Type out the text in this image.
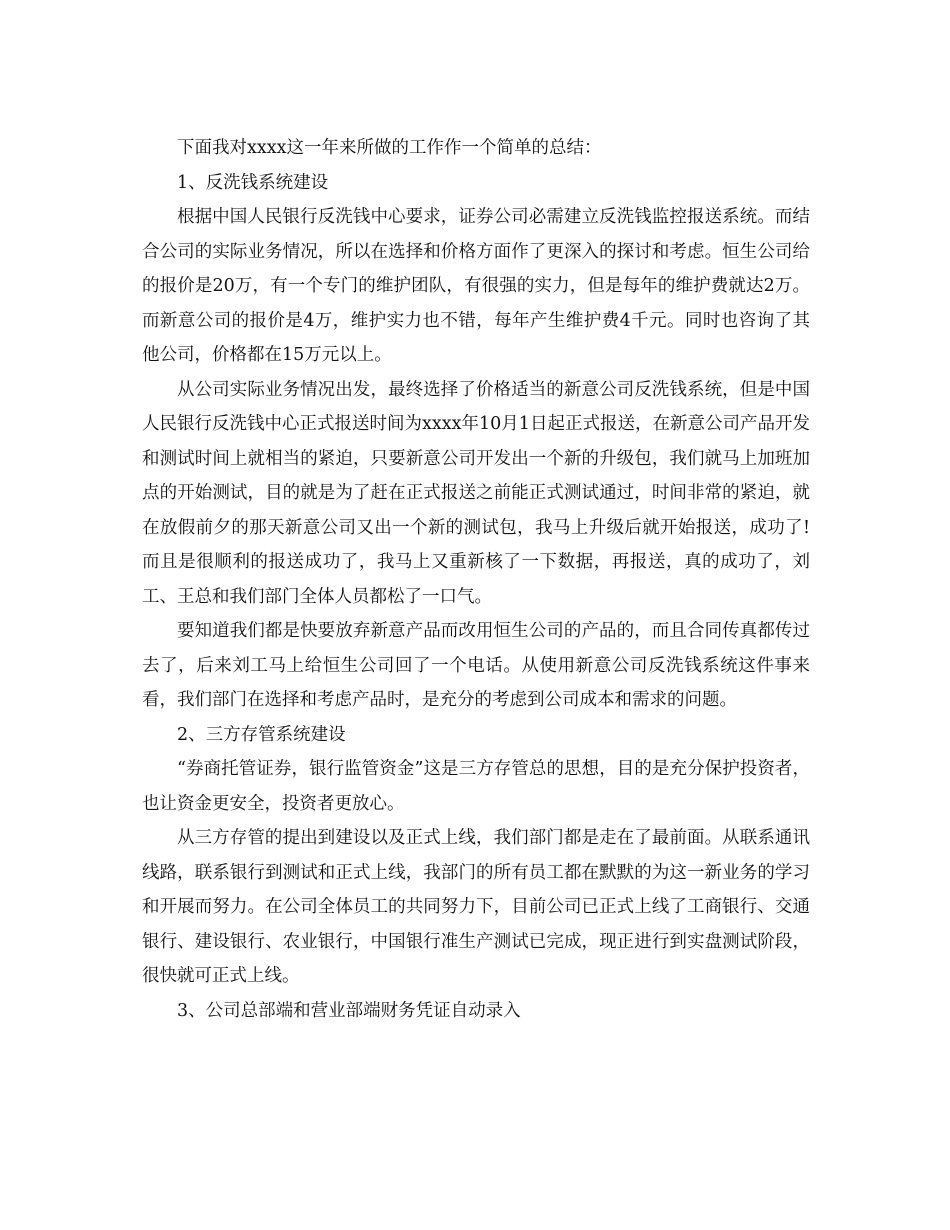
下面我对xxxx这一年来所做的工作作一个简单的总结：

1、反洗钱系统建设

根据中国人民银行反洗钱中心要求，证券公司必需建立反洗钱监控报送系统。而结合公司的实际业务情况，所以在选择和价格方面作了更深入的探讨和考虑。恒生公司给的报价是20万，有一个专门的维护团队，有很强的实力，但是每年的维护费就达2万。而新意公司的报价是4万，维护实力也不错，每年产生维护费4千元。同时也咨询了其他公司，价格都在15万元以上。

从公司实际业务情况出发，最终选择了价格适当的新意公司反洗钱系统，但是中国人民银行反洗钱中心正式报送时间为xxxx年10月1日起正式报送，在新意公司产品开发和测试时间上就相当的紧迫，只要新意公司开发出一个新的升级包，我们就马上加班加点的开始测试，目的就是为了赶在正式报送之前能正式测试通过，时间非常的紧迫，就在放假前夕的那天新意公司又出一个新的测试包，我马上升级后就开始报送，成功了!而且是很顺利的报送成功了，我马上又重新核了一下数据，再报送，真的成功了，刘工、王总和我们部门全体人员都松了一口气。

要知道我们都是快要放弃新意产品而改用恒生公司的产品的，而且合同传真都传过去了，后来刘工马上给恒生公司回了一个电话。从使用新意公司反洗钱系统这件事来看，我们部门在选择和考虑产品时，是充分的考虑到公司成本和需求的问题。

2、三方存管系统建设

“券商托管证券，银行监管资金”这是三方存管总的思想，目的是充分保护投资者，也让资金更安全，投资者更放心。

从三方存管的提出到建设以及正式上线，我们部门都是走在了最前面。从联系通讯线路，联系银行到测试和正式上线，我部门的所有员工都在默默的为这一新业务的学习和开展而努力。在公司全体员工的共同努力下，目前公司已正式上线了工商银行、交通银行、建设银行、农业银行，中国银行准生产测试已完成，现正进行到实盘测试阶段，很快就可正式上线。

3、公司总部端和营业部端财务凭证自动录入
